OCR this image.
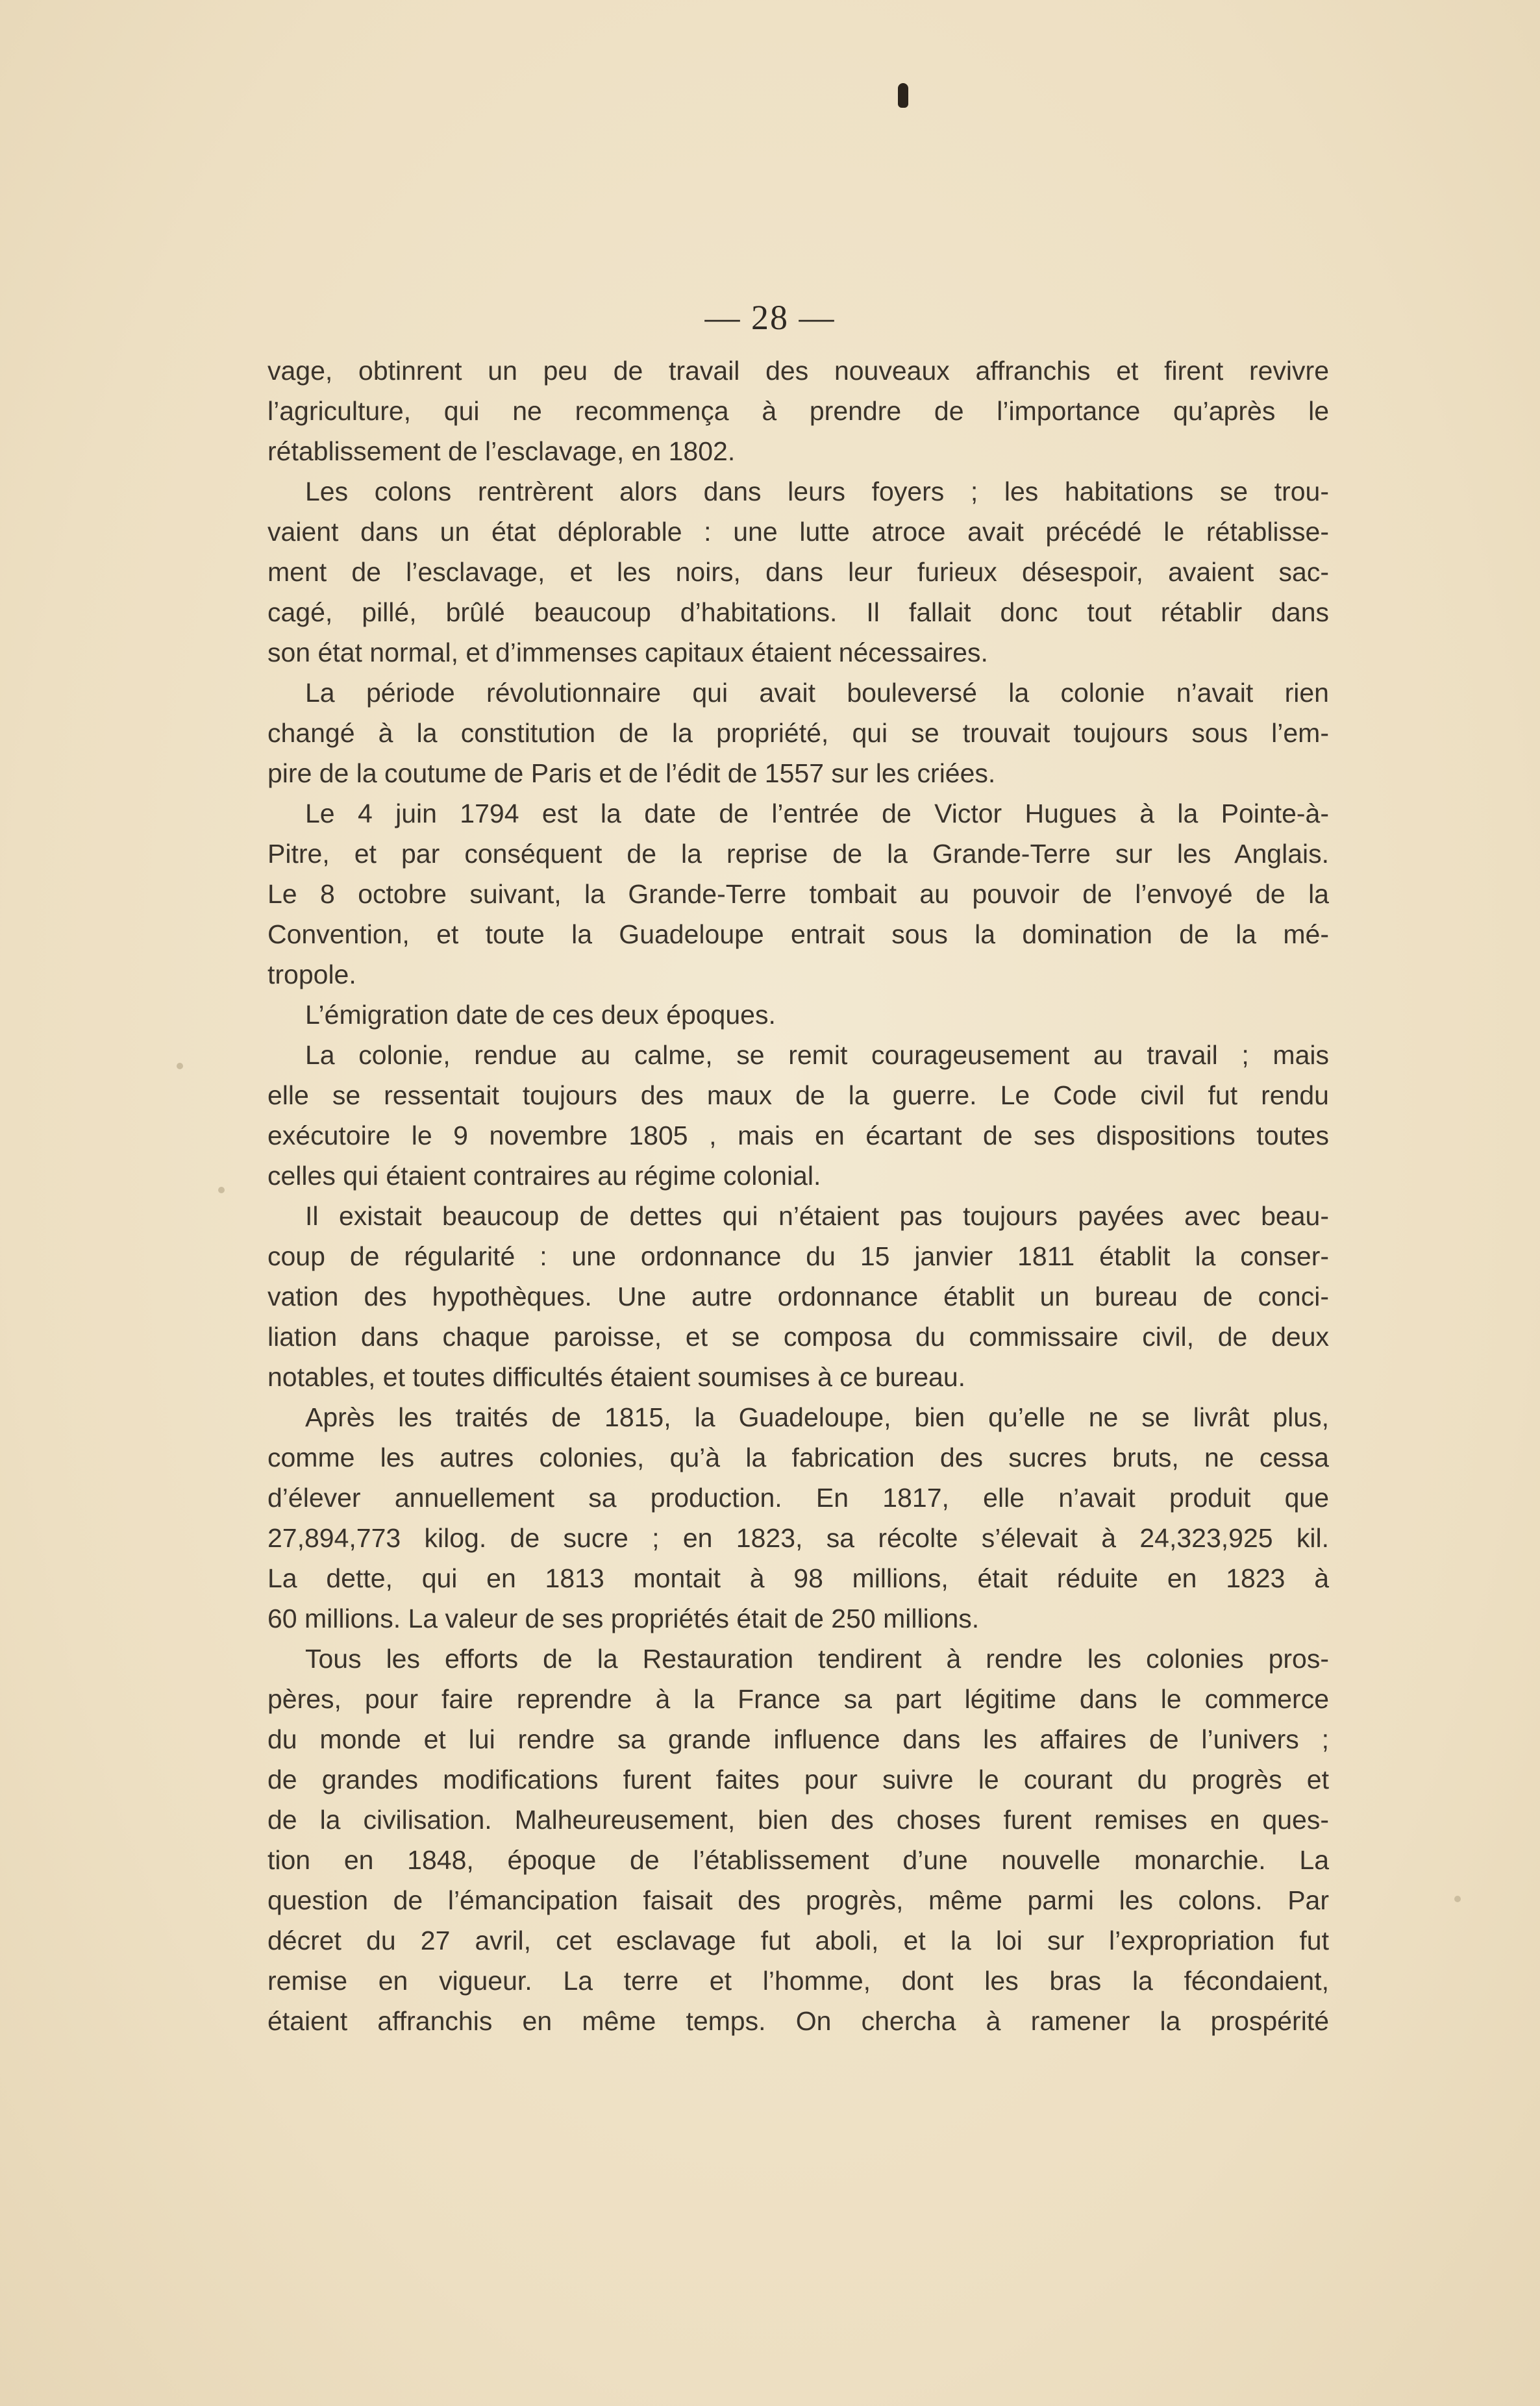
— 28 —
vage, obtinrent un peu de travail des nouveaux affranchis et firent revivre
l’agriculture, qui ne recommença à prendre de l’importance qu’après le
rétablissement de l’esclavage, en 1802.
Les colons rentrèrent alors dans leurs foyers ; les habitations se trou-
vaient dans un état déplorable : une lutte atroce avait précédé le rétablisse-
ment de l’esclavage, et les noirs, dans leur furieux désespoir, avaient sac-
cagé, pillé, brûlé beaucoup d’habitations. Il fallait donc tout rétablir dans
son état normal, et d’immenses capitaux étaient nécessaires.
La période révolutionnaire qui avait bouleversé la colonie n’avait rien
changé à la constitution de la propriété, qui se trouvait toujours sous l’em-
pire de la coutume de Paris et de l’édit de 1557 sur les criées.
Le 4 juin 1794 est la date de l’entrée de Victor Hugues à la Pointe-à-
Pitre, et par conséquent de la reprise de la Grande-Terre sur les Anglais.
Le 8 octobre suivant, la Grande-Terre tombait au pouvoir de l’envoyé de la
Convention, et toute la Guadeloupe entrait sous la domination de la mé-
tropole.
L’émigration date de ces deux époques.
La colonie, rendue au calme, se remit courageusement au travail ; mais
elle se ressentait toujours des maux de la guerre. Le Code civil fut rendu
exécutoire le 9 novembre 1805 , mais en écartant de ses dispositions toutes
celles qui étaient contraires au régime colonial.
Il existait beaucoup de dettes qui n’étaient pas toujours payées avec beau-
coup de régularité : une ordonnance du 15 janvier 1811 établit la conser-
vation des hypothèques. Une autre ordonnance établit un bureau de conci-
liation dans chaque paroisse, et se composa du commissaire civil, de deux
notables, et toutes difficultés étaient soumises à ce bureau.
Après les traités de 1815, la Guadeloupe, bien qu’elle ne se livrât plus,
comme les autres colonies, qu’à la fabrication des sucres bruts, ne cessa
d’élever annuellement sa production. En 1817, elle n’avait produit que
27,894,773 kilog. de sucre ; en 1823, sa récolte s’élevait à 24,323,925 kil.
La dette, qui en 1813 montait à 98 millions, était réduite en 1823 à
60 millions. La valeur de ses propriétés était de 250 millions.
Tous les efforts de la Restauration tendirent à rendre les colonies pros-
pères, pour faire reprendre à la France sa part légitime dans le commerce
du monde et lui rendre sa grande influence dans les affaires de l’univers ;
de grandes modifications furent faites pour suivre le courant du progrès et
de la civilisation. Malheureusement, bien des choses furent remises en ques-
tion en 1848, époque de l’établissement d’une nouvelle monarchie. La
question de l’émancipation faisait des progrès, même parmi les colons. Par
décret du 27 avril, cet esclavage fut aboli, et la loi sur l’expropriation fut
remise en vigueur. La terre et l’homme, dont les bras la fécondaient,
étaient affranchis en même temps. On chercha à ramener la prospérité
